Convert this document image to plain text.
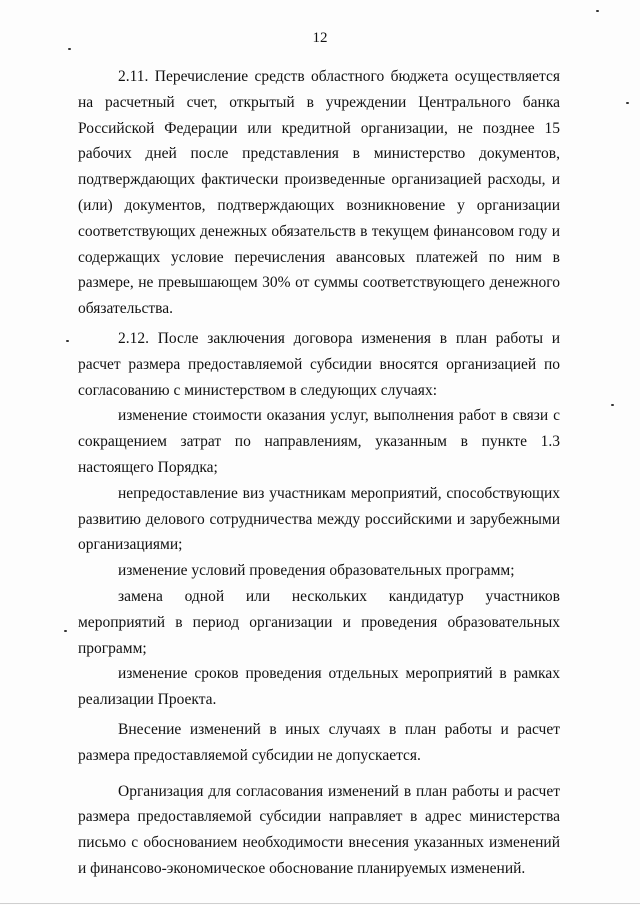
12

2.11. Перечисление средств областного бюджета осуществляется на расчетный счет, открытый в учреждении Центрального банка Российской Федерации или кредитной организации, не позднее 15 рабочих дней после представления в министерство документов, подтверждающих фактически произведенные организацией расходы, и (или) документов, подтверждающих возникновение у организации соответствующих денежных обязательств в текущем финансовом году и содержащих условие перечисления авансовых платежей по ним в размере, не превышающем 30% от суммы соответствующего денежного обязательства.

2.12. После заключения договора изменения в план работы и расчет размера предоставляемой субсидии вносятся организацией по согласованию с министерством в следующих случаях:

изменение стоимости оказания услуг, выполнения работ в связи с сокращением затрат по направлениям, указанным в пункте 1.3 настоящего Порядка;

непредоставление виз участникам мероприятий, способствующих развитию делового сотрудничества между российскими и зарубежными организациями;

изменение условий проведения образовательных программ;

замена одной или нескольких кандидатур участников мероприятий в период организации и проведения образовательных программ;

изменение сроков проведения отдельных мероприятий в рамках реализации Проекта.

Внесение изменений в иных случаях в план работы и расчет размера предоставляемой субсидии не допускается.

Организация для согласования изменений в план работы и расчет размера предоставляемой субсидии направляет в адрес министерства письмо с обоснованием необходимости внесения указанных изменений и финансово-экономическое обоснование планируемых изменений.
